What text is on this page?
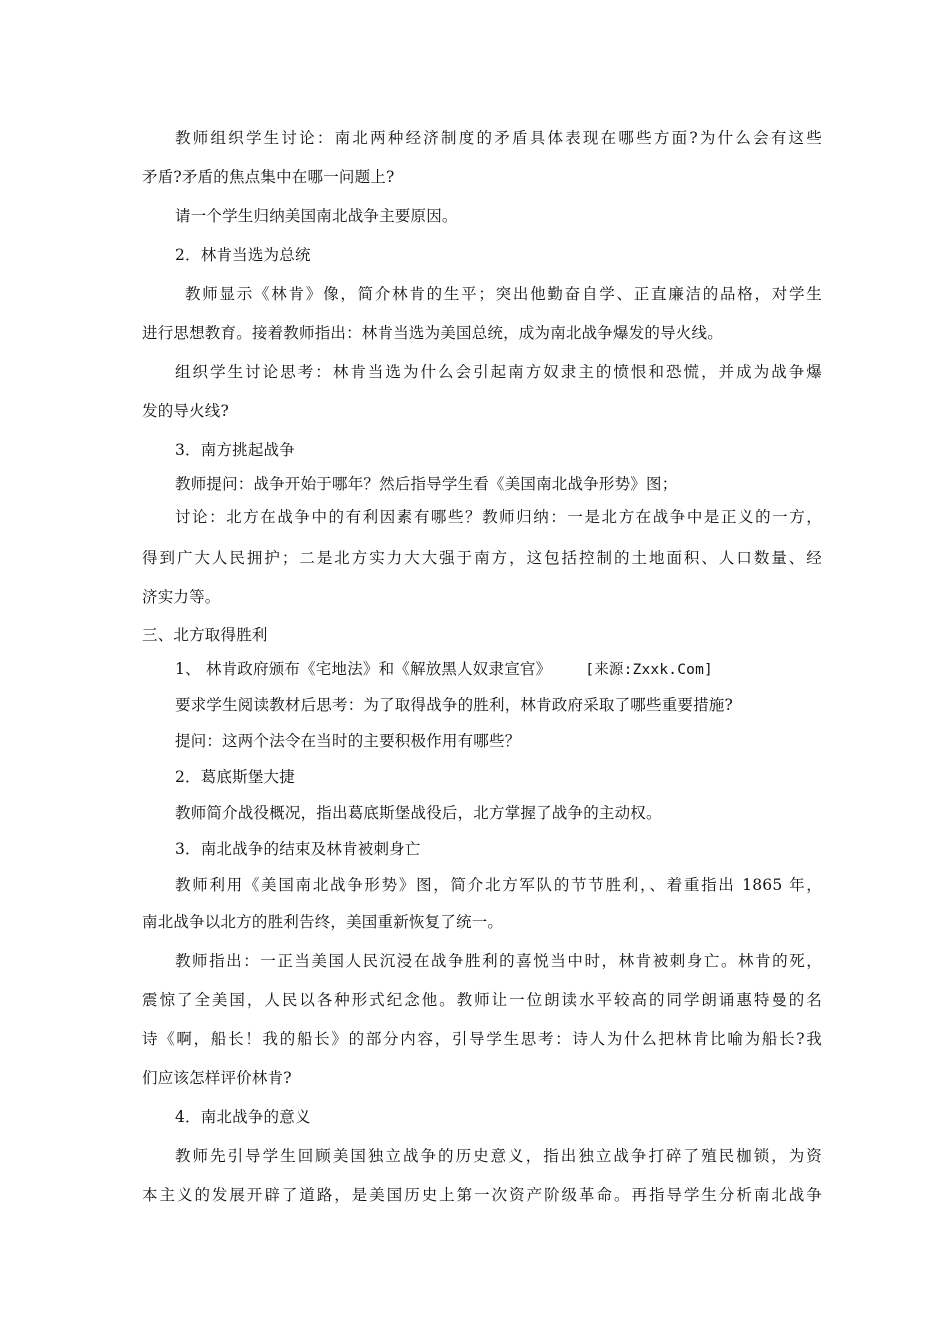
教师组织学生讨论：南北两种经济制度的矛盾具体表现在哪些方面?为什么会有这些
矛盾?矛盾的焦点集中在哪一问题上?
请一个学生归纳美国南北战争主要原因。
2．林肯当选为总统
教师显示《林肯》像，简介林肯的生平；突出他勤奋自学、正直廉洁的品格，对学生
进行思想教育。接着教师指出：林肯当选为美国总统，成为南北战争爆发的导火线。
组织学生讨论思考：林肯当选为什么会引起南方奴隶主的愤恨和恐慌，并成为战争爆
发的导火线?
3．南方挑起战争
教师提问：战争开始于哪年？然后指导学生看《美国南北战争形势》图；
讨论：北方在战争中的有利因素有哪些？教师归纳：一是北方在战争中是正义的一方，
得到广大人民拥护；二是北方实力大大强于南方，这包括控制的土地面积、人口数量、经
济实力等。
三、北方取得胜利
1、 林肯政府颁布《宅地法》和《解放黑人奴隶宣官》 [来源:Zxxk.Com]
要求学生阅读教材后思考：为了取得战争的胜利，林肯政府采取了哪些重要措施?
提问：这两个法令在当时的主要积极作用有哪些？
2．葛底斯堡大捷
教师简介战役概况，指出葛底斯堡战役后，北方掌握了战争的主动权。
3．南北战争的结束及林肯被刺身亡
教师利用《美国南北战争形势》图，简介北方军队的节节胜利，、着重指出 1865 年，
南北战争以北方的胜利告终，美国重新恢复了统一。
教师指出：一正当美国人民沉浸在战争胜利的喜悦当中时，林肯被刺身亡。林肯的死，
震惊了全美国，人民以各种形式纪念他。教师让一位朗读水平较高的同学朗诵惠特曼的名
诗《啊，船长！我的船长》的部分内容，引导学生思考：诗人为什么把林肯比喻为船长?我
们应该怎样评价林肯?
4．南北战争的意义
教师先引导学生回顾美国独立战争的历史意义，指出独立战争打碎了殖民枷锁，为资
本主义的发展开辟了道路，是美国历史上第一次资产阶级革命。再指导学生分析南北战争
